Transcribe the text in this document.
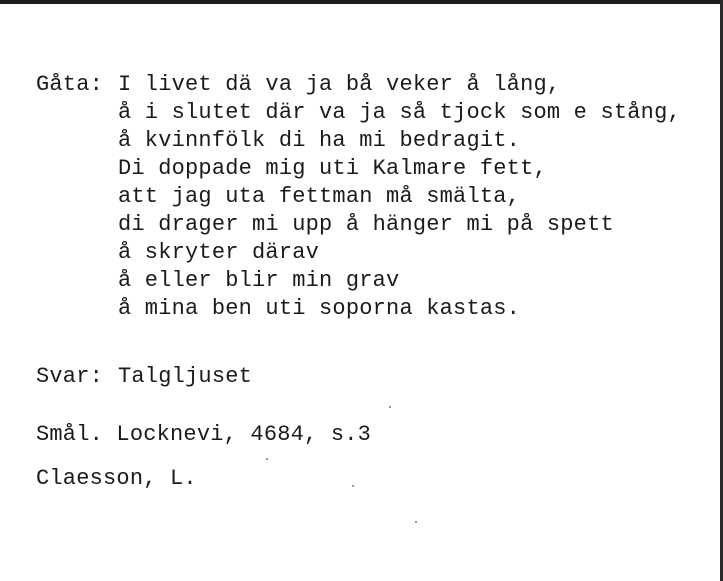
Gåta: I livet dä va ja bå veker å lång,
å i slutet där va ja så tjock som e stång,
å kvinnfölk di ha mi bedragit.
Di doppade mig uti Kalmare fett,
att jag uta fettman må smälta,
di drager mi upp å hänger mi på spett
å skryter därav
å eller blir min grav
å mina ben uti soporna kastas.
Svar: Talgljuset
Smål. Locknevi, 4684, s.3
Claesson, L.
